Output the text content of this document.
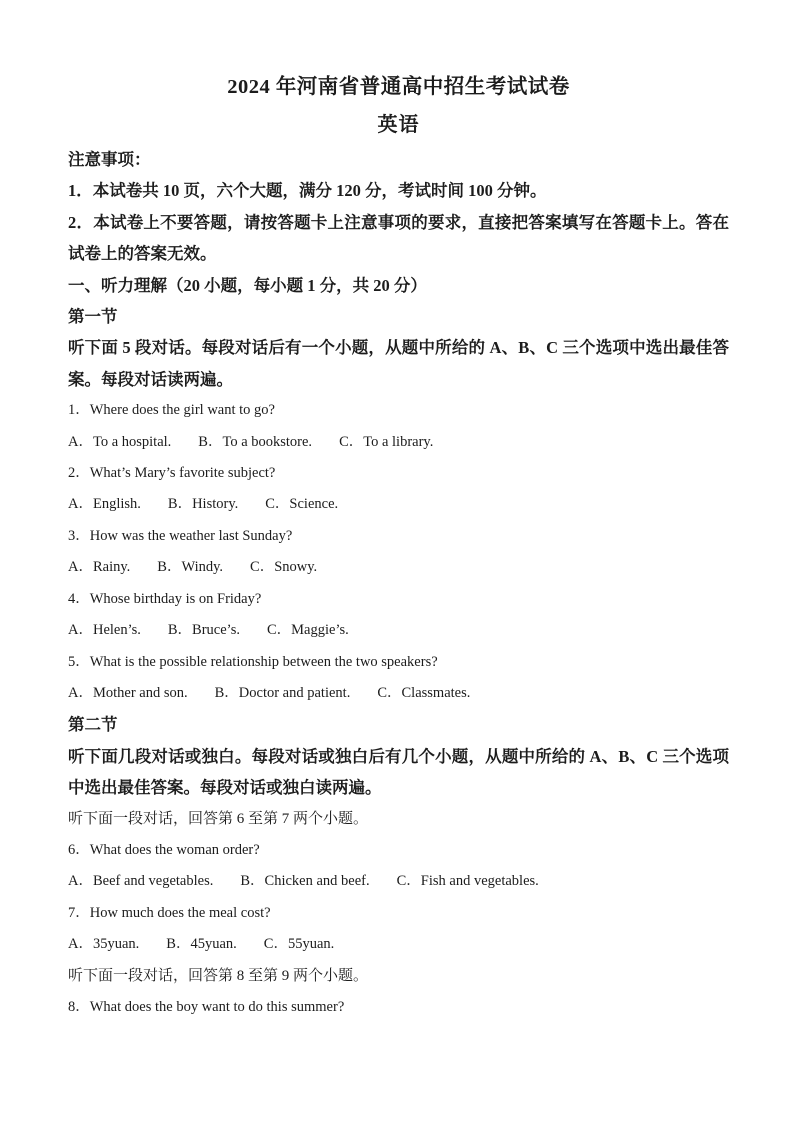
2024 年河南省普通高中招生考试试卷
英语

注意事项：

1．本试卷共 10 页，六个大题，满分 120 分，考试时间 100 分钟。

2．本试卷上不要答题，请按答题卡上注意事项的要求，直接把答案填写在答题卡上。答在试卷上的答案无效。

一、听力理解（20 小题，每小题 1 分，共 20 分）

第一节

听下面 5 段对话。每段对话后有一个小题，从题中所给的 A、B、C 三个选项中选出最佳答案。每段对话读两遍。

1．Where does the girl want to go?

A．To a hospital. B．To a bookstore. C．To a library.

2．What’s Mary’s favorite subject?

A．English. B．History. C．Science.

3．How was the weather last Sunday?

A．Rainy. B．Windy. C．Snowy.

4．Whose birthday is on Friday?

A．Helen’s. B．Bruce’s. C．Maggie’s.

5．What is the possible relationship between the two speakers?

A．Mother and son. B．Doctor and patient. C．Classmates.

第二节

听下面几段对话或独白。每段对话或独白后有几个小题，从题中所给的 A、B、C 三个选项中选出最佳答案。每段对话或独白读两遍。

听下面一段对话，回答第 6 至第 7 两个小题。

6．What does the woman order?

A．Beef and vegetables. B．Chicken and beef. C．Fish and vegetables.

7．How much does the meal cost?

A．35yuan. B．45yuan. C．55yuan.

听下面一段对话，回答第 8 至第 9 两个小题。

8．What does the boy want to do this summer?
